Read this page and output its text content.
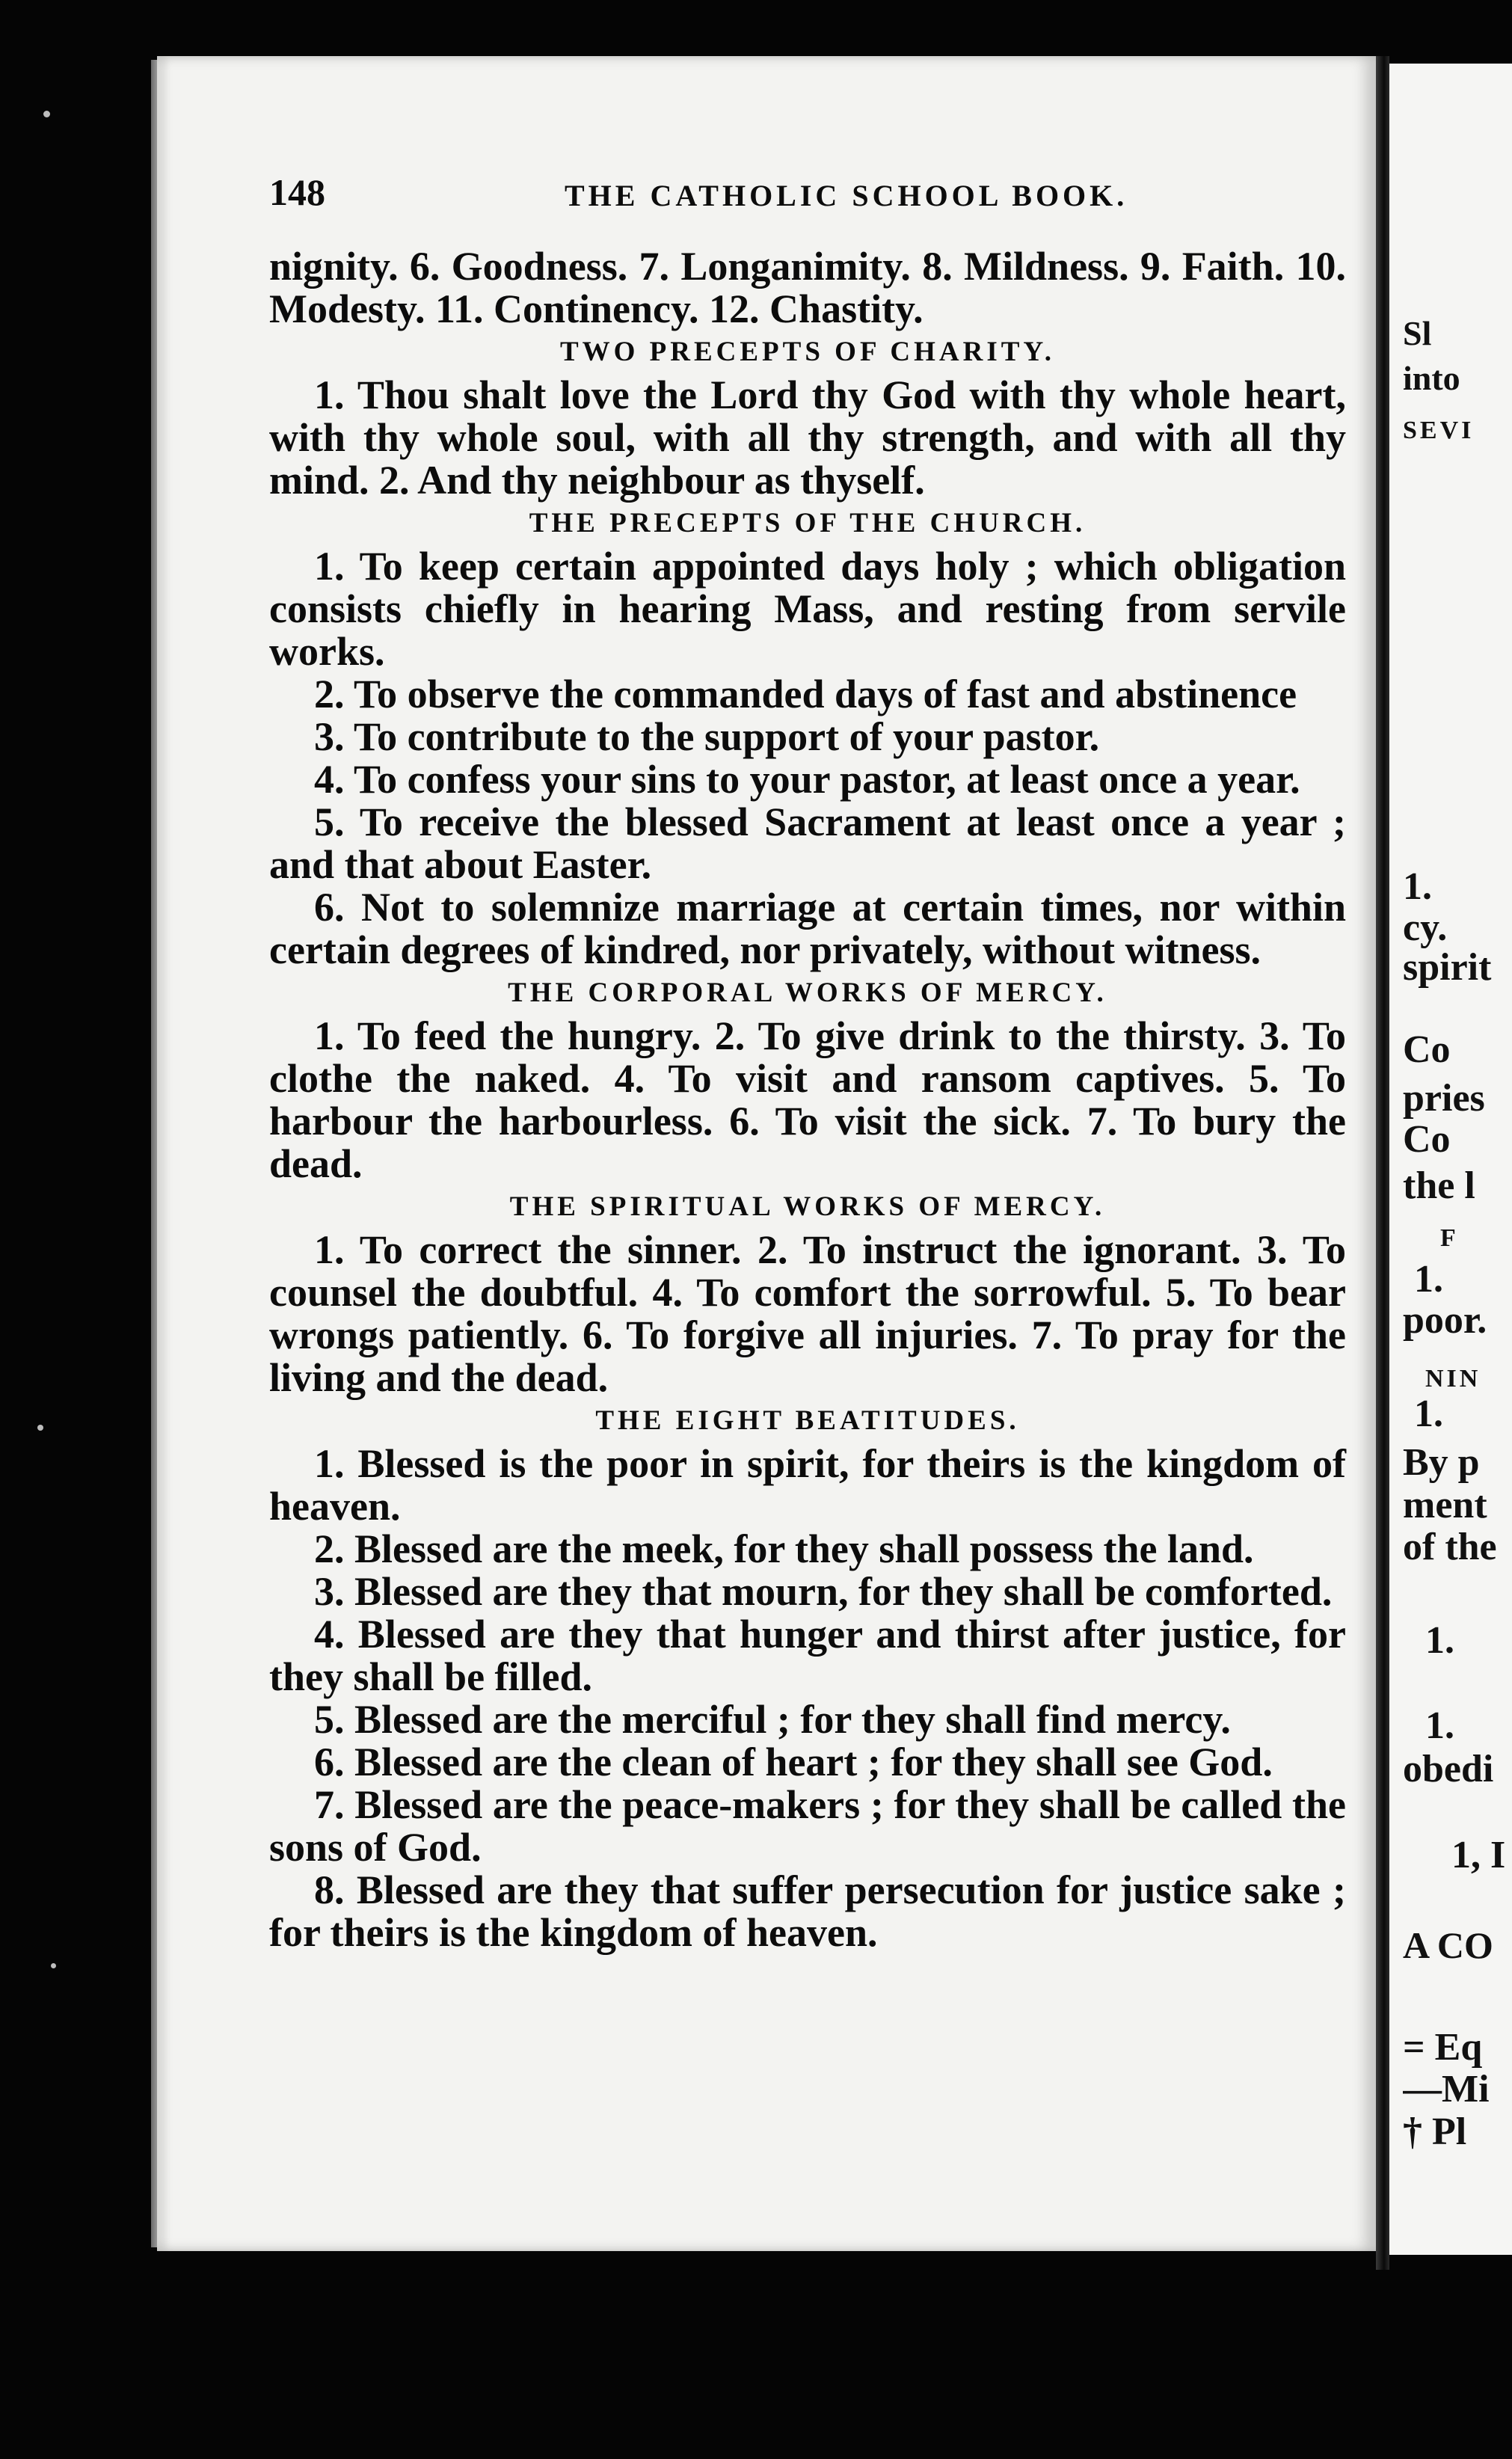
148	THE CATHOLIC SCHOOL BOOK.

nignity. 6. Goodness. 7. Longanimity. 8. Mildness. 9. Faith. 10. Modesty. 11. Continency. 12. Chastity.

TWO PRECEPTS OF CHARITY.

1. Thou shalt love the Lord thy God with thy whole heart, with thy whole soul, with all thy strength, and with all thy mind. 2. And thy neighbour as thyself.

THE PRECEPTS OF THE CHURCH.

1. To keep certain appointed days holy ; which obligation consists chiefly in hearing Mass, and resting from servile works.

2. To observe the commanded days of fast and abstinence

3. To contribute to the support of your pastor.

4. To confess your sins to your pastor, at least once a year.

5. To receive the blessed Sacrament at least once a year ; and that about Easter.

6. Not to solemnize marriage at certain times, nor within certain degrees of kindred, nor privately, without witness.

THE CORPORAL WORKS OF MERCY.

1. To feed the hungry. 2. To give drink to the thirsty. 3. To clothe the naked. 4. To visit and ransom captives. 5. To harbour the harbourless. 6. To visit the sick. 7. To bury the dead.

THE SPIRITUAL WORKS OF MERCY.

1. To correct the sinner. 2. To instruct the ignorant. 3. To counsel the doubtful. 4. To comfort the sorrowful. 5. To bear wrongs patiently. 6. To forgive all injuries. 7. To pray for the living and the dead.

THE EIGHT BEATITUDES.

1. Blessed is the poor in spirit, for theirs is the kingdom of heaven.

2. Blessed are the meek, for they shall possess the land.

3. Blessed are they that mourn, for they shall be comforted.

4. Blessed are they that hunger and thirst after justice, for they shall be filled.

5. Blessed are the merciful ; for they shall find mercy.

6. Blessed are the clean of heart ; for they shall see God.

7. Blessed are the peace-makers ; for they shall be called the sons of God.

8. Blessed are they that suffer persecution for justice sake ; for theirs is the kingdom of heaven.

Sl
into
SEVI
1.
cy.
spirit
Co
pries
Co
the l
F
1.
poor.
NIN
1.
By p
ment
of the
1.
1.
obedi
1, I
A CO
= Eq
—Mi
† Pl
